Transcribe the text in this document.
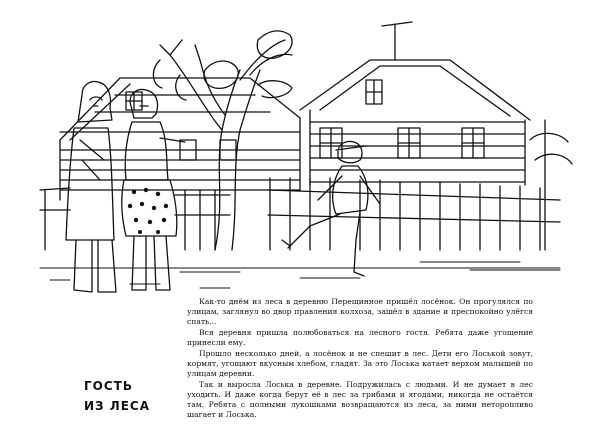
ГОСТЬ
ИЗ ЛЕСА

Как-то днём из леса в деревню Перещинное пришёл лосёнок. Он прогулялся по улицам, заглянул во двор правления колхоза, зашёл в здание и преспокойно улёгся спать...

Вся деревня пришла полюбоваться на лесного гостя. Ребята даже угощение принесли ему.

Прошло несколько дней, а лосёнок и не спешит в лес. Дети его Лоськой зовут, кормят, угощают вкусным хлебом, гладят. За это Лоська катает верхом малышей по улицам деревни.

Так и выросла Лоська в деревне. Подружилась с людьми. И не думает в лес уходить. И даже когда берут её в лес за грибами и ягодами, никогда не остаётся там. Ребята с полными лукошками возвращаются из леса, за ними неторопливо шагает и Лоська.
